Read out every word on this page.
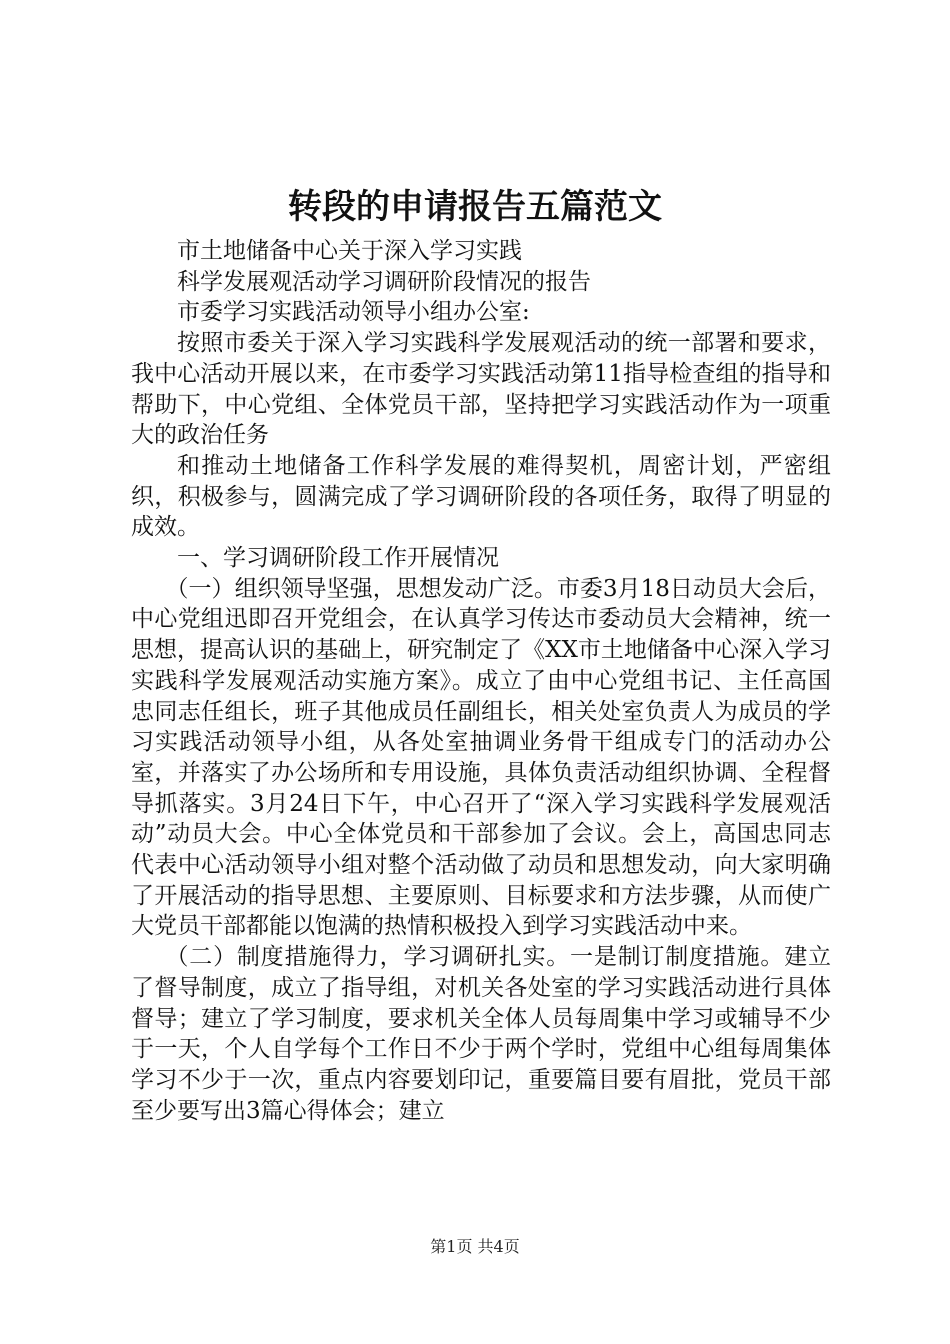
转段的申请报告五篇范文

市土地储备中心关于深入学习实践

科学发展观活动学习调研阶段情况的报告

市委学习实践活动领导小组办公室:

按照市委关于深入学习实践科学发展观活动的统一部署和要求，我中心活动开展以来，在市委学习实践活动第11指导检查组的指导和帮助下，中心党组、全体党员干部，坚持把学习实践活动作为一项重大的政治任务

和推动土地储备工作科学发展的难得契机，周密计划，严密组织，积极参与，圆满完成了学习调研阶段的各项任务，取得了明显的成效。

一、学习调研阶段工作开展情况

（一）组织领导坚强，思想发动广泛。市委3月18日动员大会后，中心党组迅即召开党组会，在认真学习传达市委动员大会精神，统一思想，提高认识的基础上，研究制定了《XX市土地储备中心深入学习实践科学发展观活动实施方案》。成立了由中心党组书记、主任高国忠同志任组长，班子其他成员任副组长，相关处室负责人为成员的学习实践活动领导小组，从各处室抽调业务骨干组成专门的活动办公室，并落实了办公场所和专用设施，具体负责活动组织协调、全程督导抓落实。3月24日下午，中心召开了“深入学习实践科学发展观活动”动员大会。中心全体党员和干部参加了会议。会上，高国忠同志代表中心活动领导小组对整个活动做了动员和思想发动，向大家明确了开展活动的指导思想、主要原则、目标要求和方法步骤，从而使广大党员干部都能以饱满的热情积极投入到学习实践活动中来。

（二）制度措施得力，学习调研扎实。一是制订制度措施。建立了督导制度，成立了指导组，对机关各处室的学习实践活动进行具体督导；建立了学习制度，要求机关全体人员每周集中学习或辅导不少于一天，个人自学每个工作日不少于两个学时，党组中心组每周集体学习不少于一次，重点内容要划印记，重要篇目要有眉批，党员干部至少要写出3篇心得体会；建立

第1页 共4页
